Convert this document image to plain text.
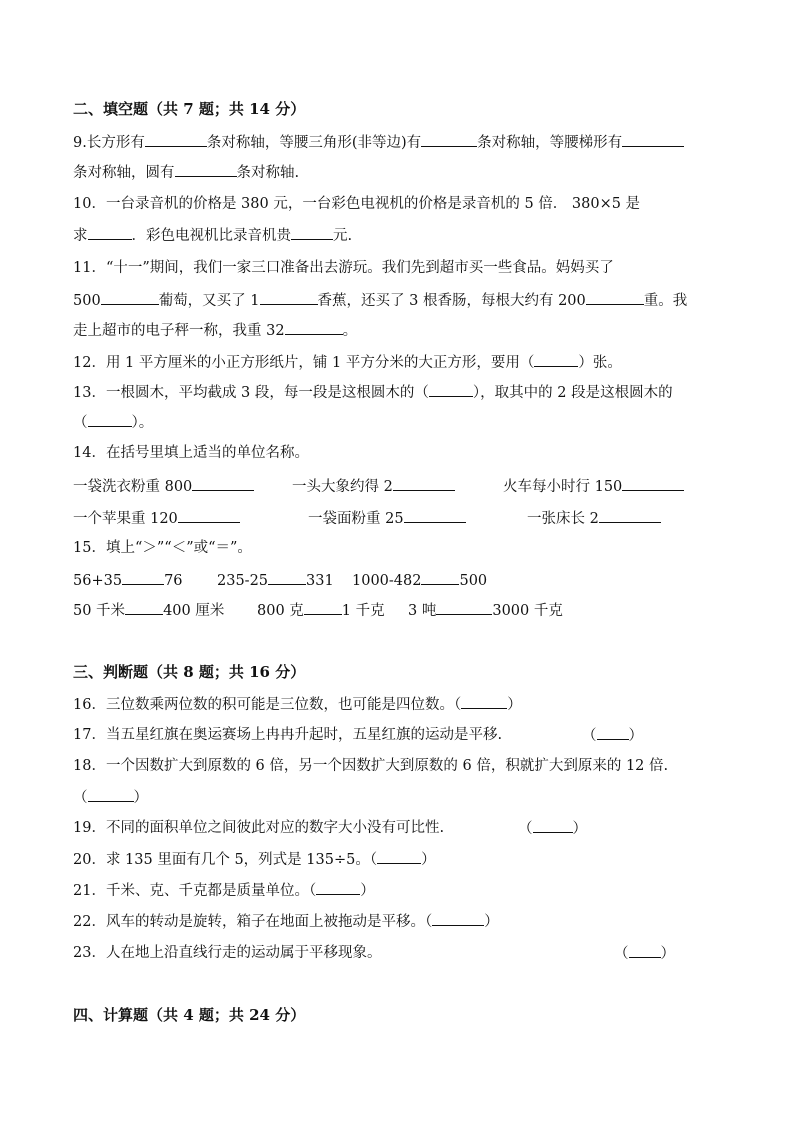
二、填空题（共 7 题；共 14 分）
9.长方形有	条对称轴，等腰三角形(非等边)有	条对称轴，等腰梯形有
条对称轴，圆有	条对称轴.
10．一台录音机的价格是 380 元，一台彩色电视机的价格是录音机的 5 倍． 380×5 是
求	．彩色电视机比录音机贵	元.
11．“十一”期间，我们一家三口准备出去游玩。我们先到超市买一些食品。妈妈买了
500	葡萄，又买了 1	香蕉，还买了 3 根香肠，每根大约有 200	重。我
走上超市的电子秤一称，我重 32	。
12．用 1 平方厘米的小正方形纸片，铺 1 平方分米的大正方形，要用（	）张。
13．一根圆木，平均截成 3 段，每一段是这根圆木的（	），取其中的 2 段是这根圆木的
（	）。
14．在括号里填上适当的单位名称。
一袋洗衣粉重 800	一头大象约得 2	火车每小时行 150
一个苹果重 120	一袋面粉重 25	一张床长 2
15．填上“＞”“＜”或“＝”。
56+35	76 235-25	331 1000-482	500
50 千米	400 厘米 800 克	1 千克 3 吨	3000 千克
三、判断题（共 8 题；共 16 分）
16．三位数乘两位数的积可能是三位数，也可能是四位数。（	）
17．当五星红旗在奥运赛场上冉冉升起时，五星红旗的运动是平移.	（ ）
18．一个因数扩大到原数的 6 倍，另一个因数扩大到原数的 6 倍，积就扩大到原来的 12 倍.
（	）
19．不同的面积单位之间彼此对应的数字大小没有可比性.	（	）
20．求 135 里面有几个 5，列式是 135÷5。（	）
21．千米、克、千克都是质量单位。（	）
22．风车的转动是旋转，箱子在地面上被拖动是平移。（	）
23．人在地上沿直线行走的运动属于平移现象。	（ ）
四、计算题（共 4 题；共 24 分）
